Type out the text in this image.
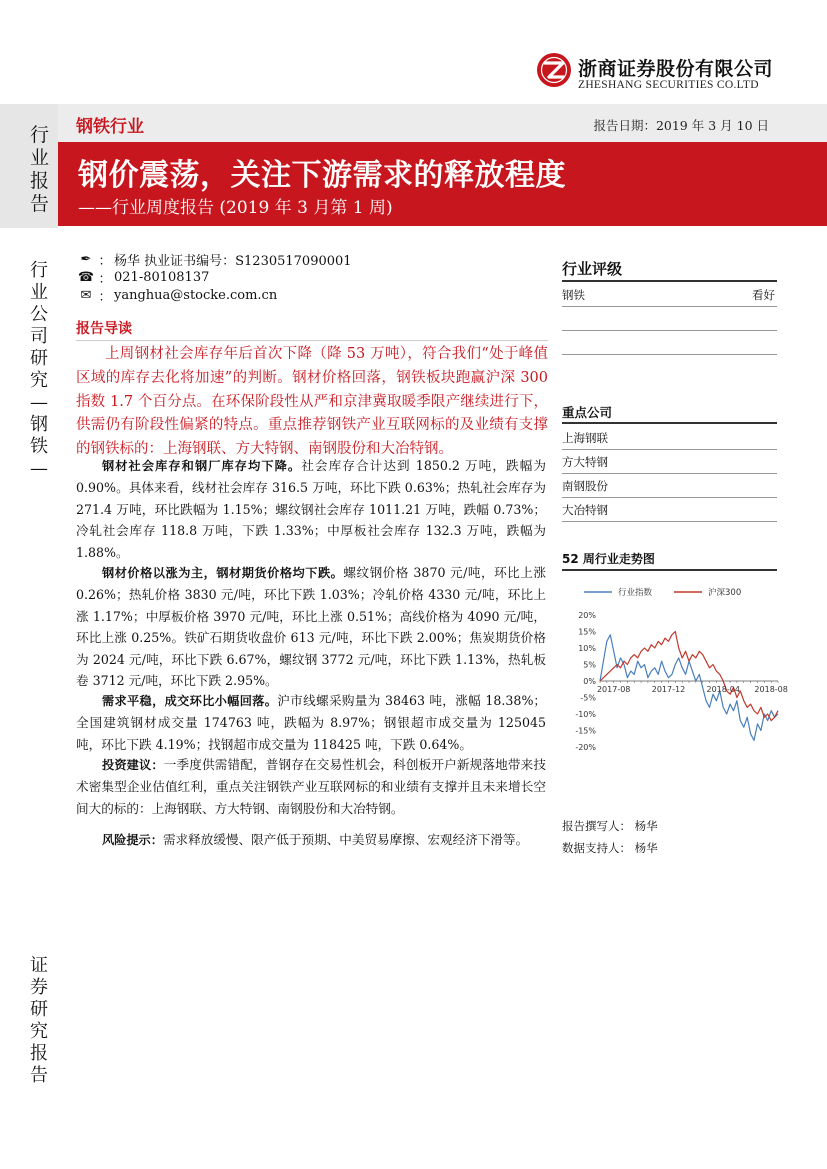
浙商证券股份有限公司
ZHESHANG SECURITIES CO.LTD
行业报告
钢铁行业	报告日期：2019 年 3 月 10 日
钢价震荡，关注下游需求的释放程度
——行业周度报告 (2019 年 3 月第 1 周)
行业公司研究—钢铁—
证券研究报告
✒ ： 杨华 执业证书编号：S1230517090001
☎ ： 021-80108137
✉ ： yanghua@stocke.com.cn
报告导读

上周钢材社会库存年后首次下降（降 53 万吨），符合我们“处于峰值区域的库存去化将加速”的判断。钢材价格回落，钢铁板块跑赢沪深 300 指数 1.7 个百分点。在环保阶段性从严和京津冀取暖季限产继续进行下，供需仍有阶段性偏紧的特点。重点推荐钢铁产业互联网标的及业绩有支撑的钢铁标的：上海钢联、方大特钢、南钢股份和大冶特钢。

钢材社会库存和钢厂库存均下降。社会库存合计达到 1850.2 万吨，跌幅为 0.90%。具体来看，线材社会库存 316.5 万吨，环比下跌 0.63%；热轧社会库存为 271.4 万吨，环比跌幅为 1.15%；螺纹钢社会库存 1011.21 万吨，跌幅 0.73%；冷轧社会库存 118.8 万吨，下跌 1.33%；中厚板社会库存 132.3 万吨，跌幅为 1.88%。

钢材价格以涨为主，钢材期货价格均下跌。螺纹钢价格 3870 元/吨，环比上涨 0.26%；热轧价格 3830 元/吨，环比下跌 1.03%；冷轧价格 4330 元/吨，环比上涨 1.17%；中厚板价格 3970 元/吨，环比上涨 0.51%；高线价格为 4090 元/吨，环比上涨 0.25%。铁矿石期货收盘价 613 元/吨，环比下跌 2.00%；焦炭期货价格为 2024 元/吨，环比下跌 6.67%，螺纹钢 3772 元/吨，环比下跌 1.13%，热轧板卷 3712 元/吨，环比下跌 2.95%。

需求平稳，成交环比小幅回落。沪市线螺采购量为 38463 吨，涨幅 18.38%；全国建筑钢材成交量 174763 吨，跌幅为 8.97%；钢银超市成交量为 125045 吨，环比下跌 4.19%；找钢超市成交量为 118425 吨，下跌 0.64%。

投资建议：一季度供需错配，普钢存在交易性机会，科创板开户新规落地带来技术密集型企业估值红利，重点关注钢铁产业互联网标的和业绩有支撑并且未来增长空间大的标的：上海钢联、方大特钢、南钢股份和大冶特钢。

风险提示：需求释放缓慢、限产低于预期、中美贸易摩擦、宏观经济下滑等。

行业评级
钢铁	看好
重点公司
上海钢联
方大特钢
南钢股份
大冶特钢
52 周行业走势图
行业指数	沪深300
20%
15%
10%
5%
0%
-5%
-10%
-15%
-20%
2017-08	2017-12	2018-04 2018-08
报告撰写人： 杨华
数据支持人： 杨华
